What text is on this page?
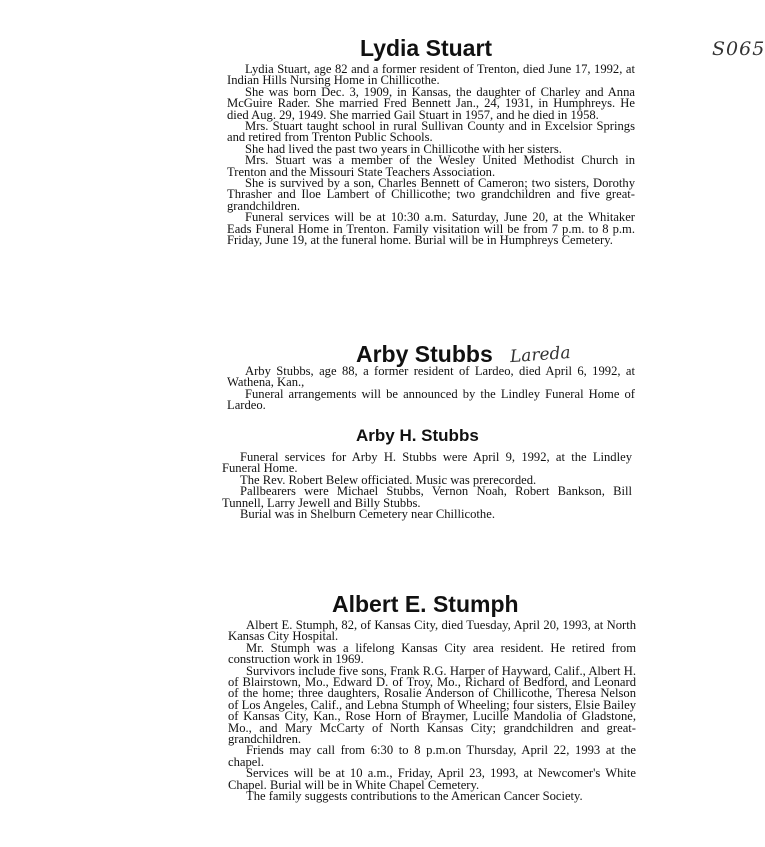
S065
Lydia Stuart

Lydia Stuart, age 82 and a former resident of Trenton, died June 17, 1992, at Indian Hills Nursing Home in Chillicothe.

She was born Dec. 3, 1909, in Kansas, the daughter of Charley and Anna McGuire Rader. She married Fred Bennett Jan., 24, 1931, in Humphreys. He died Aug. 29, 1949. She married Gail Stuart in 1957, and he died in 1958.

Mrs. Stuart taught school in rural Sullivan County and in Excelsior Springs and retired from Trenton Public Schools.

She had lived the past two years in Chillicothe with her sisters.

Mrs. Stuart was a member of the Wesley United Methodist Church in Trenton and the Missouri State Teachers Association.

She is survived by a son, Charles Bennett of Cameron; two sisters, Dorothy Thrasher and Iloe Lambert of Chillicothe; two grandchildren and five great-grandchildren.

Funeral services will be at 10:30 a.m. Saturday, June 20, at the Whitaker Eads Funeral Home in Trenton. Family visitation will be from 7 p.m. to 8 p.m. Friday, June 19, at the funeral home. Burial will be in Humphreys Cemetery.

Arby Stubbs Lareda

Arby Stubbs, age 88, a former resident of Lardeo, died April 6, 1992, at Wathena, Kan.,

Funeral arrangements will be announced by the Lindley Funeral Home of Lardeo.

Arby H. Stubbs

Funeral services for Arby H. Stubbs were April 9, 1992, at the Lindley Funeral Home.

The Rev. Robert Belew officiated. Music was prerecorded.

Pallbearers were Michael Stubbs, Vernon Noah, Robert Bankson, Bill Tunnell, Larry Jewell and Billy Stubbs.

Burial was in Shelburn Cemetery near Chillicothe.

Albert E. Stumph

Albert E. Stumph, 82, of Kansas City, died Tuesday, April 20, 1993, at North Kansas City Hospital.

Mr. Stumph was a lifelong Kansas City area resident. He retired from construction work in 1969.

Survivors include five sons, Frank R.G. Harper of Hayward, Calif., Albert H. of Blairstown, Mo., Edward D. of Troy, Mo., Richard of Bedford, and Leonard of the home; three daughters, Rosalie Anderson of Chillicothe, Theresa Nelson of Los Angeles, Calif., and Lebna Stumph of Wheeling; four sisters, Elsie Bailey of Kansas City, Kan., Rose Horn of Braymer, Lucille Mandolia of Gladstone, Mo., and Mary McCarty of North Kansas City; grandchildren and great-grandchildren.

Friends may call from 6:30 to 8 p.m.on Thursday, April 22, 1993 at the chapel.

Services will be at 10 a.m., Friday, April 23, 1993, at Newcomer's White Chapel. Burial will be in White Chapel Cemetery.

The family suggests contributions to the American Cancer Society.
